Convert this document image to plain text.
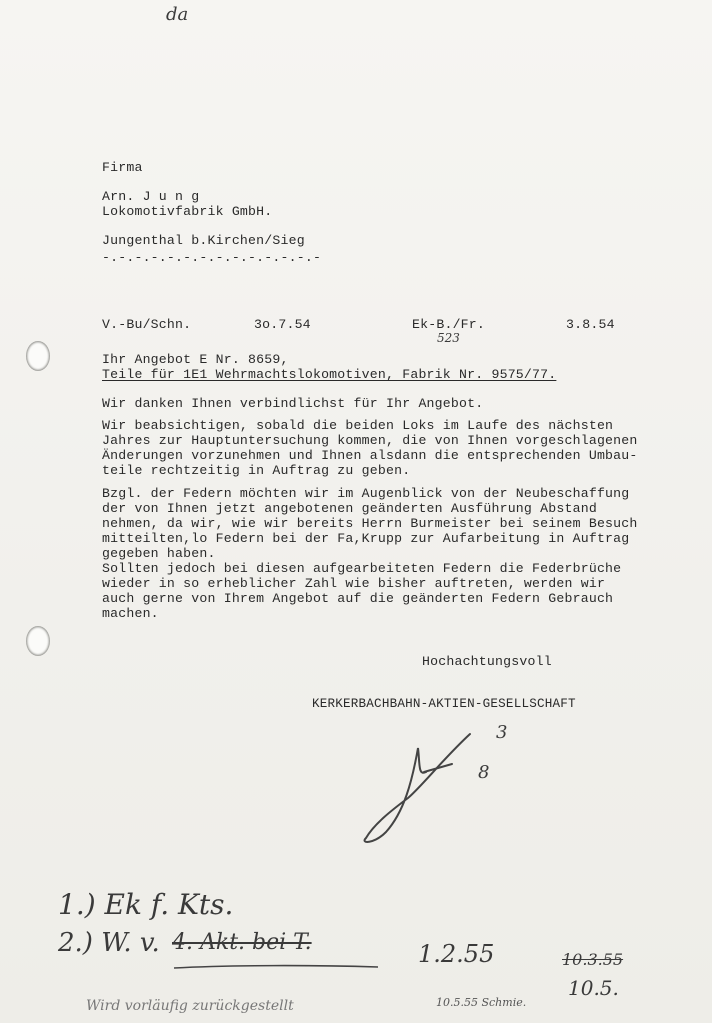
da
Firma
Arn. J u n g
Lokomotivfabrik GmbH.
Jungenthal b.Kirchen/Sieg
-.-.-.-.-.-.-.-.-.-.-.-.-.-
V.-Bu/Schn.	3o.7.54	Ek-B./Fr.
523
3.8.54
Ihr Angebot E Nr. 8659,
Teile für 1E1 Wehrmachtslokomotiven, Fabrik Nr. 9575/77.
Wir danken Ihnen verbindlichst für Ihr Angebot.
Wir beabsichtigen, sobald die beiden Loks im Laufe des nächsten
Jahres zur Hauptuntersuchung kommen, die von Ihnen vorgeschlagenen
Änderungen vorzunehmen und Ihnen alsdann die entsprechenden Umbau-
teile rechtzeitig in Auftrag zu geben.
Bzgl. der Federn möchten wir im Augenblick von der Neubeschaffung
der von Ihnen jetzt angebotenen geänderten Ausführung Abstand
nehmen, da wir, wie wir bereits Herrn Burmeister bei seinem Besuch
mitteilten,lo Federn bei der Fa,Krupp zur Aufarbeitung in Auftrag
gegeben haben.
Sollten jedoch bei diesen aufgearbeiteten Federn die Federbrüche
wieder in so erheblicher Zahl wie bisher auftreten, werden wir
auch gerne von Ihrem Angebot auf die geänderten Federn Gebrauch
machen.
Hochachtungsvoll
KERKERBACHBAHN-AKTIEN-GESELLSCHAFT
3
8
1.) Ek f. Kts.
2.) W. v. 4. Akt. bei T.	1.2.55	10.3.55
10.5.
Wird vorläufig zurückgestellt	10.5.55 Schmie.
